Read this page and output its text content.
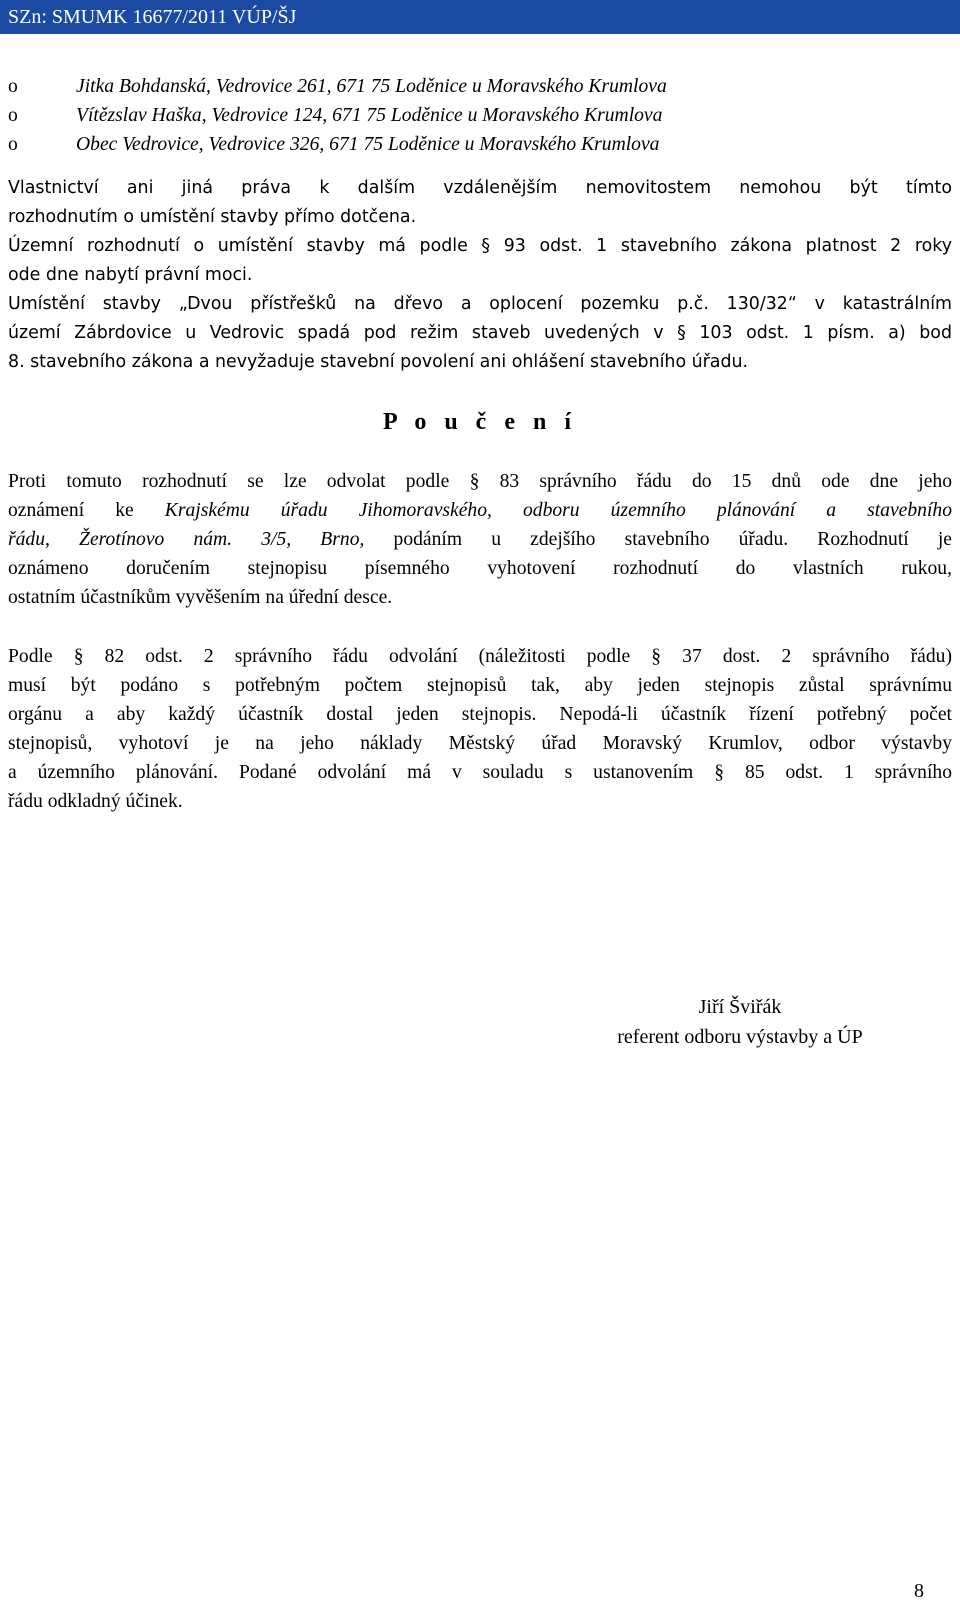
SZn: SMUMK 16677/2011 VÚP/ŠJ
o	Jitka Bohdanská, Vedrovice 261, 671 75 Loděnice u Moravského Krumlova
o	Vítězslav Haška, Vedrovice 124, 671 75 Loděnice u Moravského Krumlova
o	Obec Vedrovice, Vedrovice 326, 671 75 Loděnice u Moravského Krumlova
Vlastnictví ani jiná práva k dalším vzdálenějším nemovitostem nemohou být tímto
rozhodnutím o umístění stavby přímo dotčena.
Územní rozhodnutí o umístění stavby má podle § 93 odst. 1 stavebního zákona platnost 2 roky
ode dne nabytí právní moci.
Umístění stavby „Dvou přístřešků na dřevo a oplocení pozemku p.č. 130/32“ v katastrálním
území Zábrdovice u Vedrovic spadá pod režim staveb uvedených v § 103 odst. 1 písm. a) bod
8. stavebního zákona a nevyžaduje stavební povolení ani ohlášení stavebního úřadu.
P o u č e n í
Proti tomuto rozhodnutí se lze odvolat podle § 83 správního řádu do 15 dnů ode dne jeho
oznámení ke Krajskému úřadu Jihomoravského, odboru územního plánování a stavebního
řádu, Žerotínovo nám. 3/5, Brno, podáním u zdejšího stavebního úřadu. Rozhodnutí je
oznámeno doručením stejnopisu písemného vyhotovení rozhodnutí do vlastních rukou,
ostatním účastníkům vyvěšením na úřední desce.
Podle § 82 odst. 2 správního řádu odvolání (náležitosti podle § 37 dost. 2 správního řádu)
musí být podáno s potřebným počtem stejnopisů tak, aby jeden stejnopis zůstal správnímu
orgánu a aby každý účastník dostal jeden stejnopis. Nepodá-li účastník řízení potřebný počet
stejnopisů, vyhotoví je na jeho náklady Městský úřad Moravský Krumlov, odbor výstavby
a územního plánování. Podané odvolání má v souladu s ustanovením § 85 odst. 1 správního
řádu odkladný účinek.
Jiří Šviřák
referent odboru výstavby a ÚP
8
